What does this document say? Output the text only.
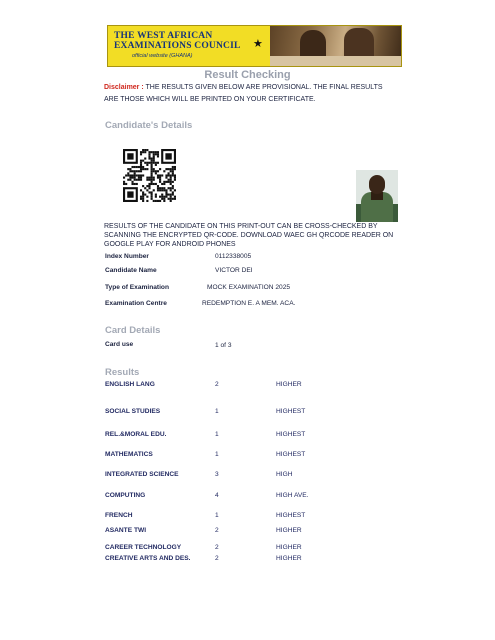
THE WEST AFRICAN
EXAMINATIONS COUNCIL
official website (GHANA)
★
Result Checking
Disclaimer : THE RESULTS GIVEN BELOW ARE PROVISIONAL. THE FINAL RESULTS ARE THOSE WHICH WILL BE PRINTED ON YOUR CERTIFICATE.
Candidate's Details
RESULTS OF THE CANDIDATE ON THIS PRINT-OUT CAN BE CROSS-CHECKED BY SCANNING THE ENCRYPTED QR-CODE. DOWNLOAD WAEC GH QRCODE READER ON GOOGLE PLAY FOR ANDROID PHONES
Index Number	0112338005
Candidate Name	VICTOR DEI
Type of Examination	MOCK EXAMINATION 2025
Examination Centre	REDEMPTION E. A MEM. ACA.
Card Details
Card use	1 of 3
Results
ENGLISH LANG	2	HIGHER
SOCIAL STUDIES	1	HIGHEST
REL.&MORAL EDU.	1	HIGHEST
MATHEMATICS	1	HIGHEST
INTEGRATED SCIENCE	3	HIGH
COMPUTING	4	HIGH AVE.
FRENCH	1	HIGHEST
ASANTE TWI	2	HIGHER
CAREER TECHNOLOGY	2	HIGHER
CREATIVE ARTS AND DES.	2	HIGHER
